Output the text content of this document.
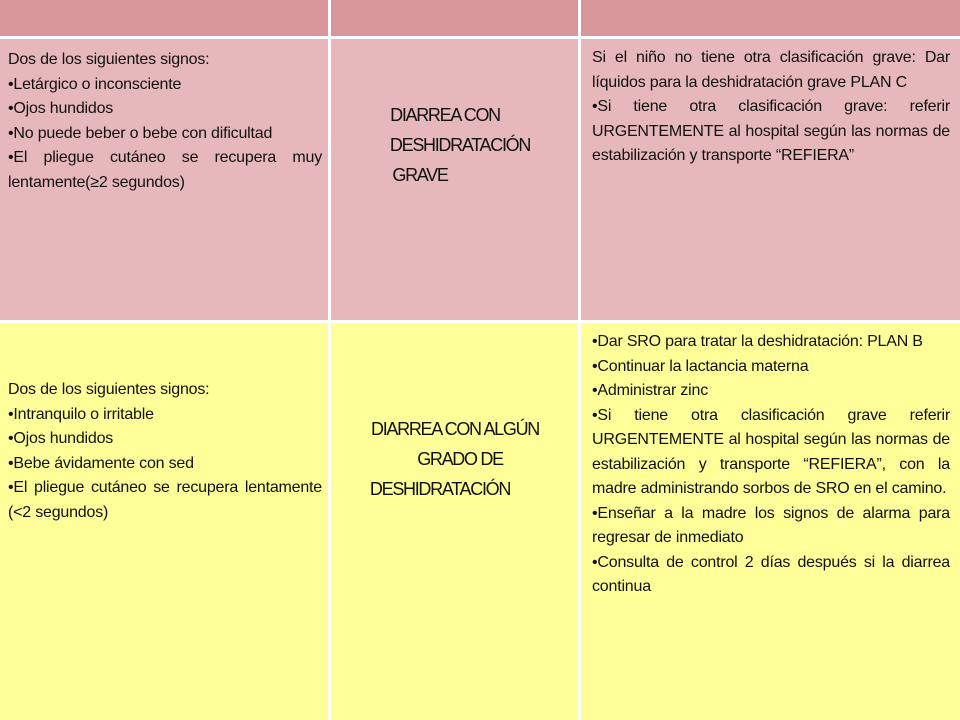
Dos de los siguientes signos:

•Letárgico o inconsciente

•Ojos hundidos

•No puede beber o bebe con dificultad

•El pliegue cutáneo se recupera muy lentamente(≥2 segundos)

DIARREA CON
DESHIDRATACIÓN
GRAVE

Si el niño no tiene otra clasificación grave: Dar líquidos para la deshidratación grave PLAN C

•Si tiene otra clasificación grave: referir URGENTEMENTE al hospital según las normas de estabilización y transporte “REFIERA”

Dos de los siguientes signos:

•Intranquilo o irritable

•Ojos hundidos

•Bebe ávidamente con sed

•El pliegue cutáneo se recupera lentamente (<2 segundos)

DIARREA CON ALGÚN
GRADO DE
DESHIDRATACIÓN

•Dar SRO para tratar la deshidratación: PLAN B

•Continuar la lactancia materna

•Administrar zinc

•Si tiene otra clasificación grave referir URGENTEMENTE al hospital según las normas de estabilización y transporte “REFIERA”, con la madre administrando sorbos de SRO en el camino.

•Enseñar a la madre los signos de alarma para regresar de inmediato

•Consulta de control 2 días después si la diarrea continua
